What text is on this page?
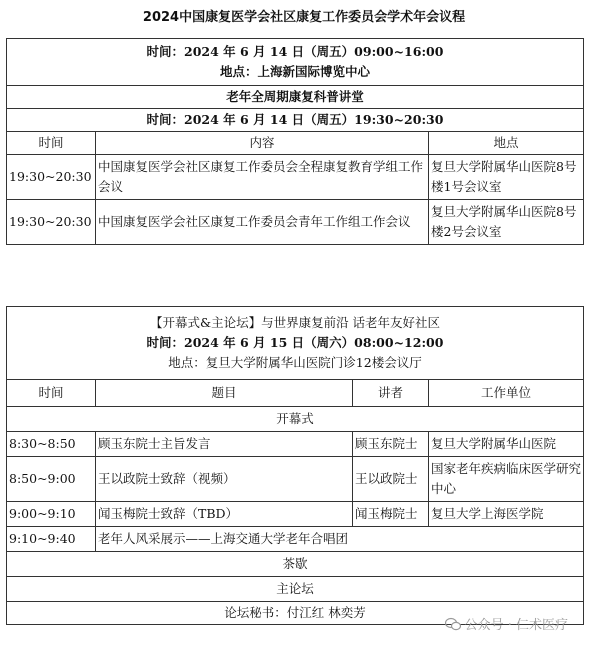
2024中国康复医学会社区康复工作委员会学术年会议程
时间：2024 年 6 月 14 日（周五）09:00~16:00
地点：上海新国际博览中心		

老年全周期康复科普讲堂		
时间：2024 年 6 月 14 日（周五）19:30~20:30		
时间	内容	地点
19:30~20:30	中国康复医学会社区康复工作委员会全程康复教育学组工作会议	复旦大学附属华山医院8号楼1号会议室
19:30~20:30	中国康复医学会社区康复工作委员会青年工作组工作会议	复旦大学附属华山医院8号楼2号会议室
【开幕式&主论坛】与世界康复前沿 话老年友好社区
时间：2024 年 6 月 15 日（周六）08:00~12:00
地点：复旦大学附属华山医院门诊12楼会议厅			

时间	题目	讲者	工作单位
开幕式			
8:30~8:50	顾玉东院士主旨发言	顾玉东院士	复旦大学附属华山医院
8:50~9:00	王以政院士致辞（视频）	王以政院士	国家老年疾病临床医学研究中心
9:00~9:10	闻玉梅院士致辞（TBD）	闻玉梅院士	复旦大学上海医学院
9:10~9:40	老年人风采展示——上海交通大学老年合唱团		
茶歇			
主论坛			
论坛秘书：付江红 林奕芳			
公众号 · 仁术医疗
